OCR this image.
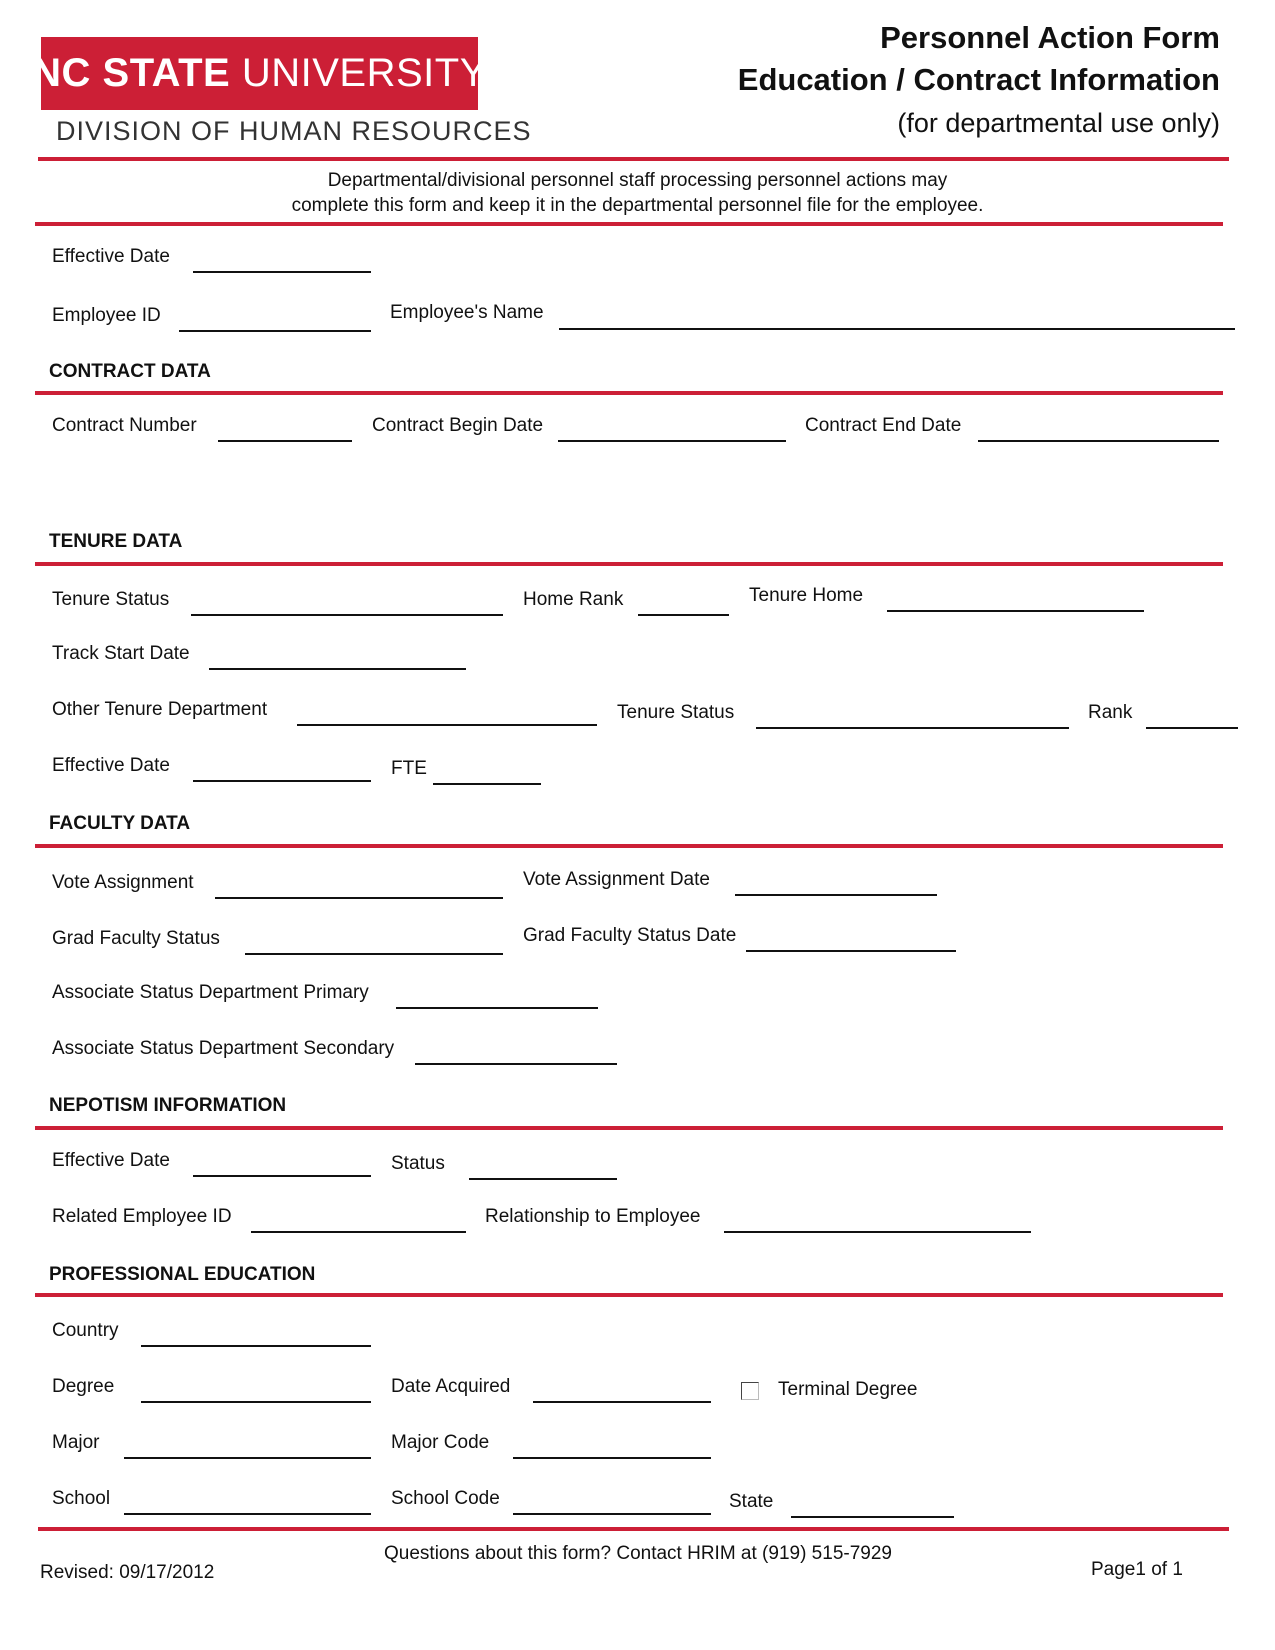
NC STATE UNIVERSITY
DIVISION OF HUMAN RESOURCES
Personnel Action Form
Education / Contract Information
(for departmental use only)
Departmental/divisional personnel staff processing personnel actions may
complete this form and keep it in the departmental personnel file for the employee.
Effective Date
Employee ID	Employee's Name
CONTRACT DATA
Contract Number	Contract Begin Date	Contract End Date
TENURE DATA
Tenure Status	Home Rank	Tenure Home
Track Start Date
Other Tenure Department	Tenure Status	Rank
Effective Date	FTE
FACULTY DATA
Vote Assignment	Vote Assignment Date
Grad Faculty Status	Grad Faculty Status Date
Associate Status Department Primary
Associate Status Department Secondary
NEPOTISM INFORMATION
Effective Date	Status
Related Employee ID	Relationship to Employee
PROFESSIONAL EDUCATION
Country
Degree	Date Acquired	Terminal Degree
Major	Major Code
School	School Code	State
Revised: 09/17/2012
Questions about this form? Contact HRIM at (919) 515-7929
Page1 of 1
